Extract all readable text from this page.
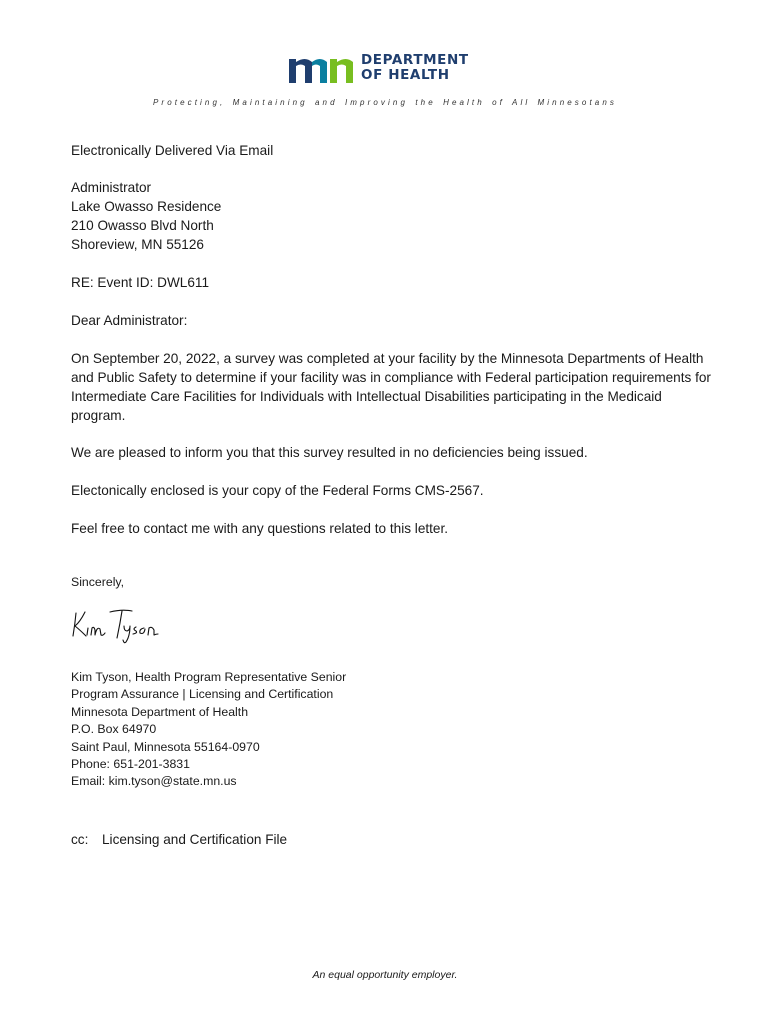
DEPARTMENT
OF HEALTH
Protecting, Maintaining and Improving the Health of All Minnesotans
Electronically Delivered Via Email
Administrator
Lake Owasso Residence
210 Owasso Blvd North
Shoreview, MN 55126
RE: Event ID: DWL611
Dear Administrator:
On September 20, 2022, a survey was completed at your facility by the Minnesota Departments of Health and Public Safety to determine if your facility was in compliance with Federal participation requirements for Intermediate Care Facilities for Individuals with Intellectual Disabilities participating in the Medicaid program.
We are pleased to inform you that this survey resulted in no deficiencies being issued.
Electonically enclosed is your copy of the Federal Forms CMS-2567.
Feel free to contact me with any questions related to this letter.
Sincerely,
Kim Tyson, Health Program Representative Senior
Program Assurance | Licensing and Certification
Minnesota Department of Health
P.O. Box 64970
Saint Paul, Minnesota 55164-0970
Phone: 651-201-3831
Email: kim.tyson@state.mn.us
cc: Licensing and Certification File
An equal opportunity employer.
